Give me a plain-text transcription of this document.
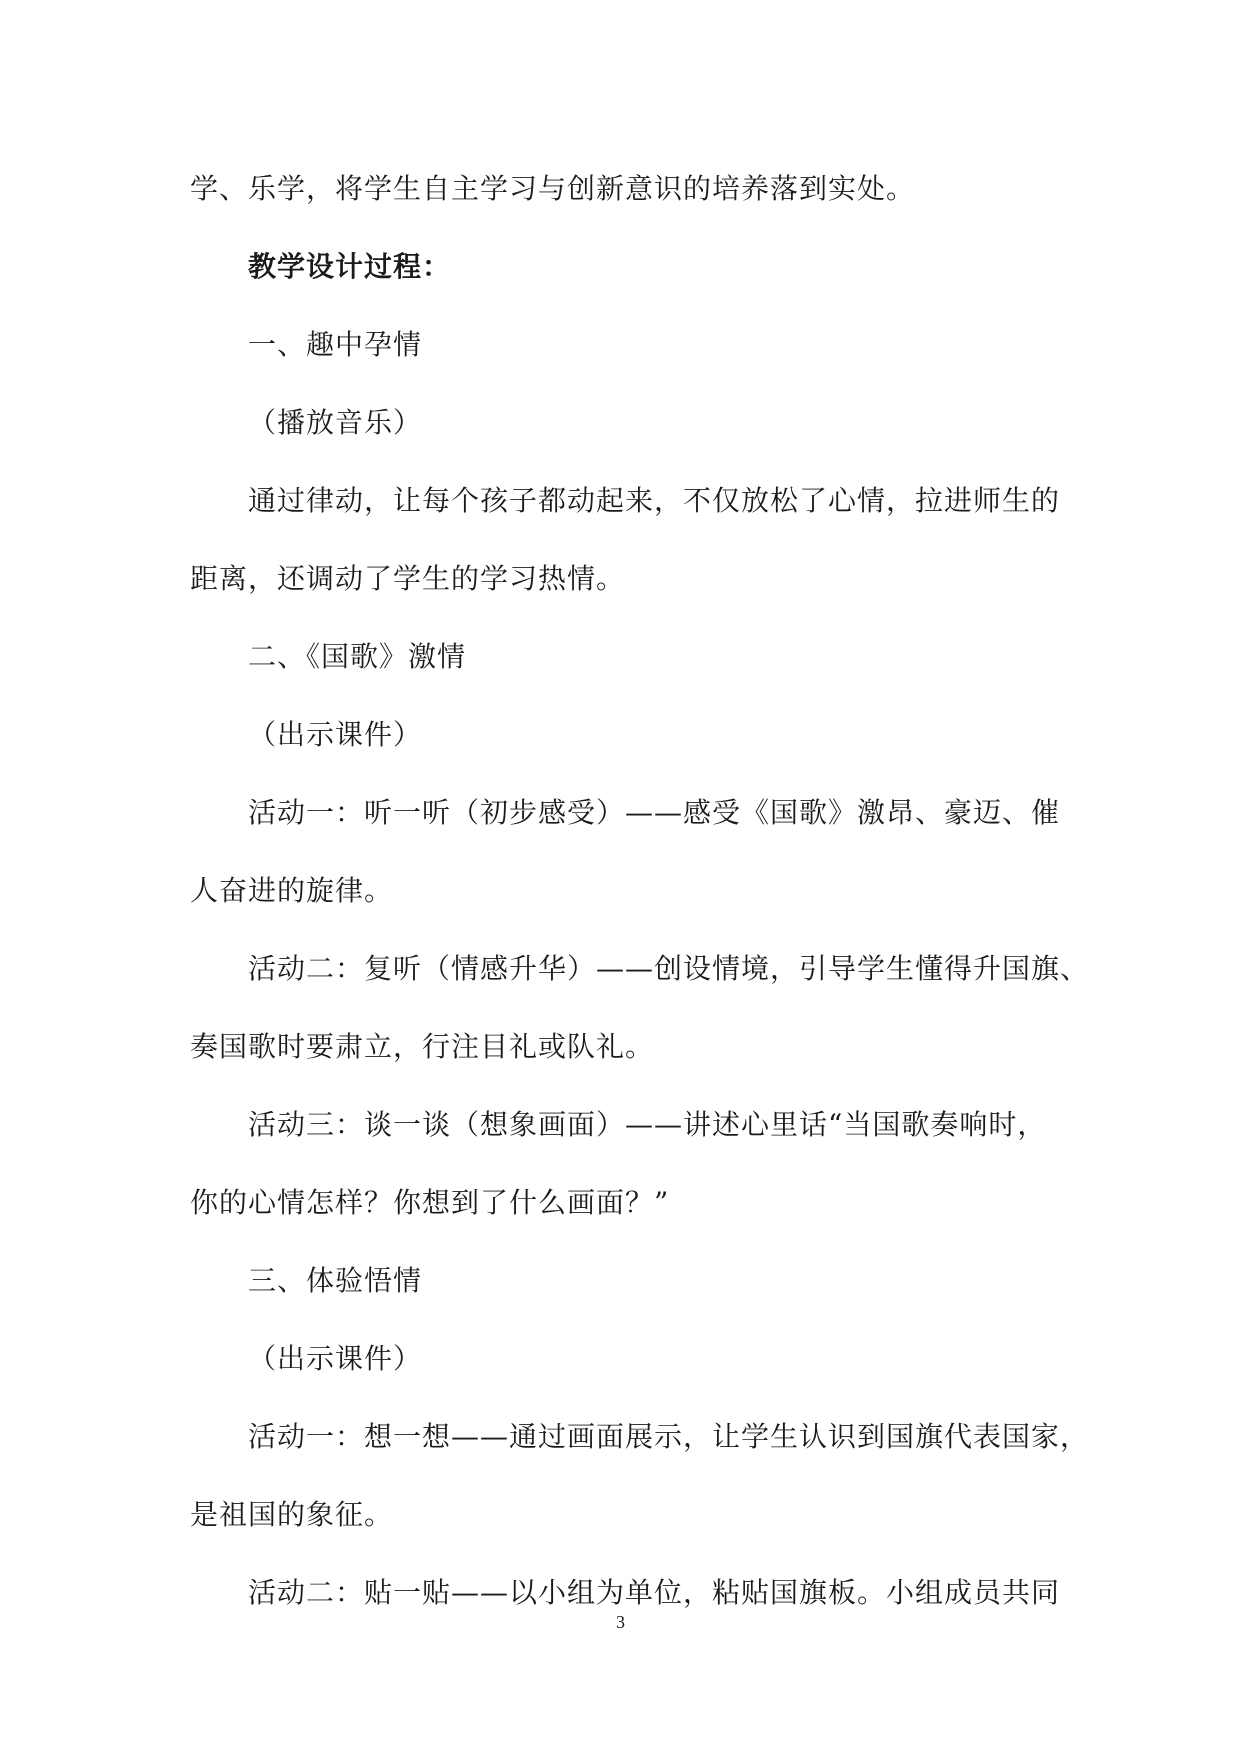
学、乐学，将学生自主学习与创新意识的培养落到实处。
教学设计过程：
一、趣中孕情
（播放音乐）
通过律动，让每个孩子都动起来，不仅放松了心情，拉进师生的
距离，还调动了学生的学习热情。
二、《国歌》激情
（出示课件）
活动一：听一听（初步感受）——感受《国歌》激昂、豪迈、催
人奋进的旋律。
活动二：复听（情感升华）——创设情境，引导学生懂得升国旗、
奏国歌时要肃立，行注目礼或队礼。
活动三：谈一谈（想象画面）——讲述心里话“当国歌奏响时，
你的心情怎样？你想到了什么画面？”
三、体验悟情
（出示课件）
活动一：想一想——通过画面展示，让学生认识到国旗代表国家，
是祖国的象征。
活动二：贴一贴——以小组为单位，粘贴国旗板。小组成员共同
3
